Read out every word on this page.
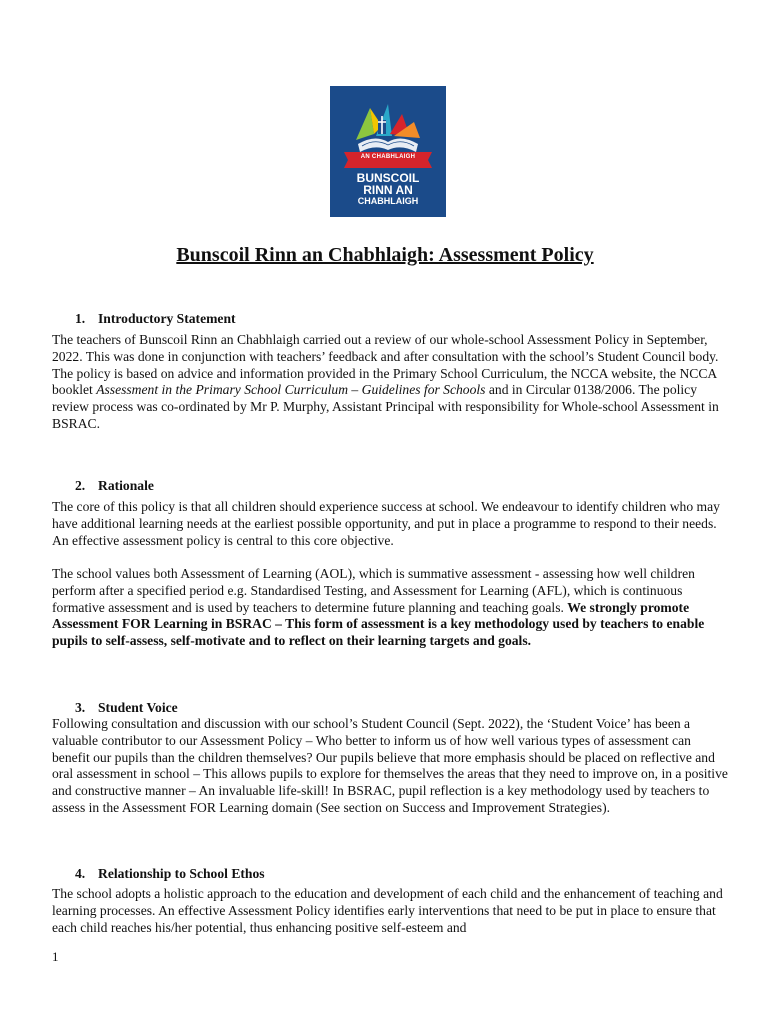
AN CHABHLAIGH
BUNSCOIL
RINN AN
CHABHLAIGH
Bunscoil Rinn an Chabhlaigh: Assessment Policy

1. Introductory Statement

The teachers of Bunscoil Rinn an Chabhlaigh carried out a review of our whole-school Assessment Policy in September, 2022. This was done in conjunction with teachers’ feedback and after consultation with the school’s Student Council body. The policy is based on advice and information provided in the Primary School Curriculum, the NCCA website, the NCCA booklet Assessment in the Primary School Curriculum – Guidelines for Schools and in Circular 0138/2006. The policy review process was co-ordinated by Mr P. Murphy, Assistant Principal with responsibility for Whole-school Assessment in BSRAC.

2. Rationale

The core of this policy is that all children should experience success at school. We endeavour to identify children who may have additional learning needs at the earliest possible opportunity, and put in place a programme to respond to their needs. An effective assessment policy is central to this core objective.

The school values both Assessment of Learning (AOL), which is summative assessment - assessing how well children perform after a specified period e.g. Standardised Testing, and Assessment for Learning (AFL), which is continuous formative assessment and is used by teachers to determine future planning and teaching goals. We strongly promote Assessment FOR Learning in BSRAC – This form of assessment is a key methodology used by teachers to enable pupils to self-assess, self-motivate and to reflect on their learning targets and goals.

3. Student Voice

Following consultation and discussion with our school’s Student Council (Sept. 2022), the ‘Student Voice’ has been a valuable contributor to our Assessment Policy – Who better to inform us of how well various types of assessment can benefit our pupils than the children themselves? Our pupils believe that more emphasis should be placed on reflective and oral assessment in school – This allows pupils to explore for themselves the areas that they need to improve on, in a positive and constructive manner – An invaluable life-skill! In BSRAC, pupil reflection is a key methodology used by teachers to assess in the Assessment FOR Learning domain (See section on Success and Improvement Strategies).

4. Relationship to School Ethos

The school adopts a holistic approach to the education and development of each child and the enhancement of teaching and learning processes. An effective Assessment Policy identifies early interventions that need to be put in place to ensure that each child reaches his/her potential, thus enhancing positive self-esteem and

1
